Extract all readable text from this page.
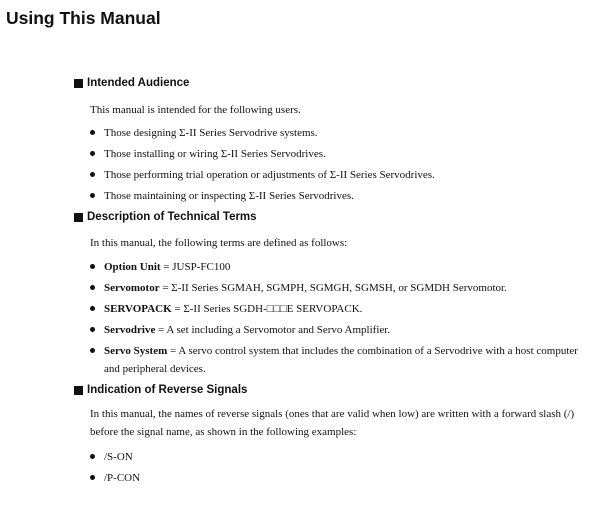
Using This Manual
Intended Audience
This manual is intended for the following users.
Those designing Σ-II Series Servodrive systems.
Those installing or wiring Σ-II Series Servodrives.
Those performing trial operation or adjustments of Σ-II Series Servodrives.
Those maintaining or inspecting Σ-II Series Servodrives.
Description of Technical Terms
In this manual, the following terms are defined as follows:
Option Unit = JUSP-FC100
Servomotor = Σ-II Series SGMAH, SGMPH, SGMGH, SGMSH, or SGMDH Servomotor.
SERVOPACK = Σ-II Series SGDH-□□□E SERVOPACK.
Servodrive = A set including a Servomotor and Servo Amplifier.
Servo System = A servo control system that includes the combination of a Servodrive with a host computer and peripheral devices.
Indication of Reverse Signals
In this manual, the names of reverse signals (ones that are valid when low) are written with a forward slash (/) before the signal name, as shown in the following examples:
/S-ON
/P-CON
